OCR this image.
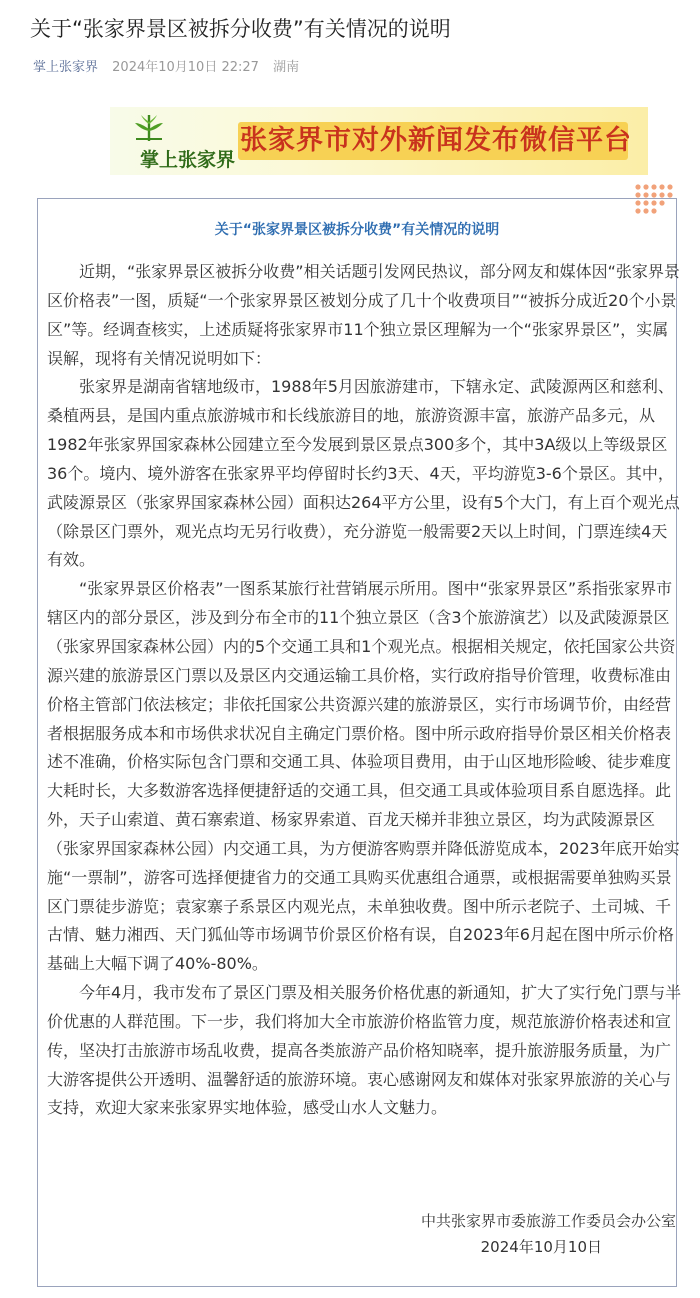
关于“张家界景区被拆分收费”有关情况的说明
掌上张家界 2024年10月10日 22:27 湖南
掌上张家界
张家界市对外新闻发布微信平台
关于“张家界景区被拆分收费”有关情况的说明

近期，“张家界景区被拆分收费”相关话题引发网民热议，部分网友和媒体因“张家界景区价格表”一图，质疑“一个张家界景区被划分成了几十个收费项目”“被拆分成近20个小景区”等。经调查核实，上述质疑将张家界市11个独立景区理解为一个“张家界景区”，实属误解，现将有关情况说明如下：

张家界是湖南省辖地级市，1988年5月因旅游建市，下辖永定、武陵源两区和慈利、桑植两县，是国内重点旅游城市和长线旅游目的地，旅游资源丰富，旅游产品多元，从1982年张家界国家森林公园建立至今发展到景区景点300多个，其中3A级以上等级景区36个。境内、境外游客在张家界平均停留时长约3天、4天，平均游览3-6个景区。其中，武陵源景区（张家界国家森林公园）面积达264平方公里，设有5个大门，有上百个观光点（除景区门票外，观光点均无另行收费），充分游览一般需要2天以上时间，门票连续4天有效。

“张家界景区价格表”一图系某旅行社营销展示所用。图中“张家界景区”系指张家界市辖区内的部分景区，涉及到分布全市的11个独立景区（含3个旅游演艺）以及武陵源景区（张家界国家森林公园）内的5个交通工具和1个观光点。根据相关规定，依托国家公共资源兴建的旅游景区门票以及景区内交通运输工具价格，实行政府指导价管理，收费标准由价格主管部门依法核定；非依托国家公共资源兴建的旅游景区，实行市场调节价，由经营者根据服务成本和市场供求状况自主确定门票价格。图中所示政府指导价景区相关价格表述不准确，价格实际包含门票和交通工具、体验项目费用，由于山区地形险峻、徒步难度大耗时长，大多数游客选择便捷舒适的交通工具，但交通工具或体验项目系自愿选择。此外，天子山索道、黄石寨索道、杨家界索道、百龙天梯并非独立景区，均为武陵源景区（张家界国家森林公园）内交通工具，为方便游客购票并降低游览成本，2023年底开始实施“一票制”，游客可选择便捷省力的交通工具购买优惠组合通票，或根据需要单独购买景区门票徒步游览；袁家寨子系景区内观光点，未单独收费。图中所示老院子、土司城、千古情、魅力湘西、天门狐仙等市场调节价景区价格有误，自2023年6月起在图中所示价格基础上大幅下调了40%-80%。

今年4月，我市发布了景区门票及相关服务价格优惠的新通知，扩大了实行免门票与半价优惠的人群范围。下一步，我们将加大全市旅游价格监管力度，规范旅游价格表述和宣传，坚决打击旅游市场乱收费，提高各类旅游产品价格知晓率，提升旅游服务质量，为广大游客提供公开透明、温馨舒适的旅游环境。衷心感谢网友和媒体对张家界旅游的关心与支持，欢迎大家来张家界实地体验，感受山水人文魅力。

中共张家界市委旅游工作委员会办公室
2024年10月10日
